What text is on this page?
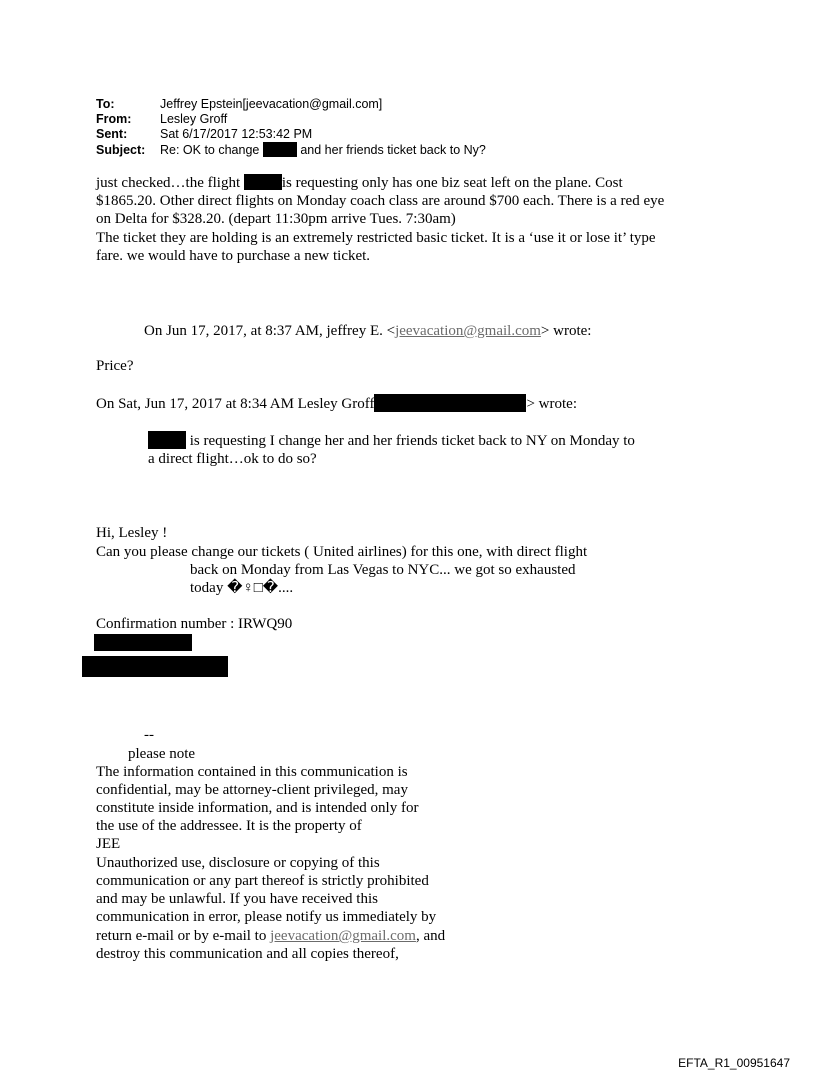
To:	Jeffrey Epstein[jeevacation@gmail.com]
From: Lesley Groff
Sent:	Sat 6/17/2017 12:53:42 PM
Subject: Re: OK to change	and her friends ticket back to Ny?
just checked…the flight	is requesting only has one biz seat left on the plane. Cost
$1865.20. Other direct flights on Monday coach class are around $700 each. There is a red eye
on Delta for $328.20. (depart 11:30pm arrive Tues. 7:30am)
The ticket they are holding is an extremely restricted basic ticket. It is a ‘use it or lose it’ type
fare. we would have to purchase a new ticket.
On Jun 17, 2017, at 8:37 AM, jeffrey E. <jeevacation@gmail.com> wrote:
Price?
On Sat, Jun 17, 2017 at 8:34 AM Lesley Groff	> wrote:
is requesting I change her and her friends ticket back to NY on Monday to
a direct flight…ok to do so?
Hi, Lesley !
Can you please change our tickets ( United airlines) for this one, with direct flight
back on Monday from Las Vegas to NYC... we got so exhausted
today �♀□�....
Confirmation number : IRWQ90
--
please note
The information contained in this communication is
confidential, may be attorney-client privileged, may
constitute inside information, and is intended only for
the use of the addressee. It is the property of
JEE
Unauthorized use, disclosure or copying of this
communication or any part thereof is strictly prohibited
and may be unlawful. If you have received this
communication in error, please notify us immediately by
return e-mail or by e-mail to jeevacation@gmail.com, and
destroy this communication and all copies thereof,
EFTA_R1_00951647
